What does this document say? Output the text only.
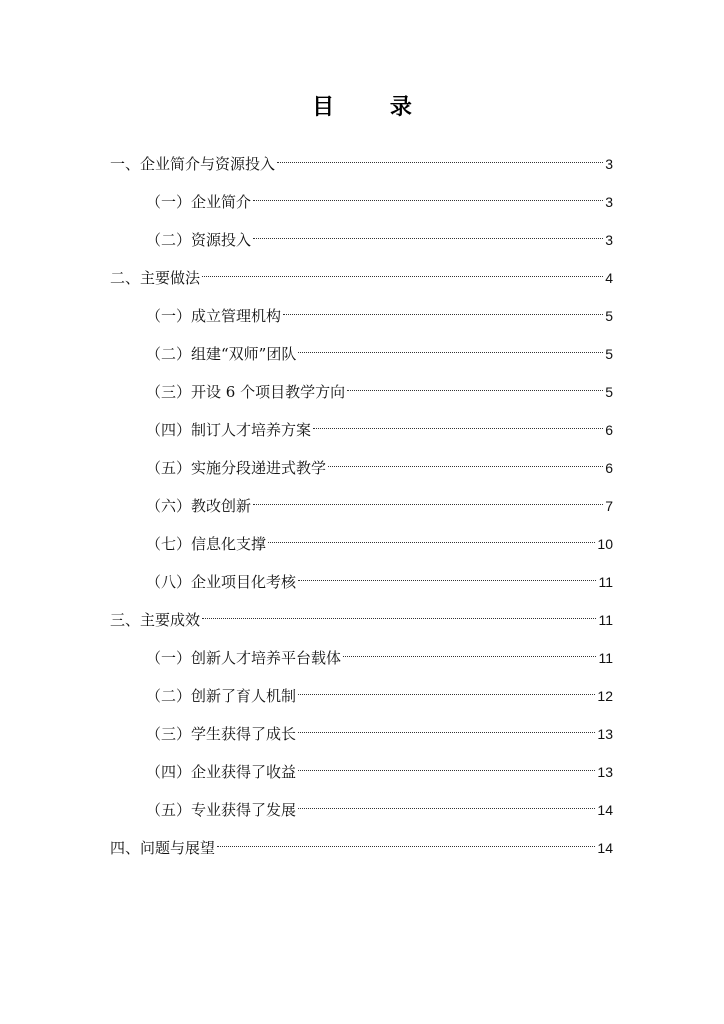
目 录
一、企业简介与资源投入	3
（一）企业简介	3
（二）资源投入	3
二、主要做法	4
（一）成立管理机构	5
（二）组建“双师”团队	5
（三）开设 6 个项目教学方向	5
（四）制订人才培养方案	6
（五）实施分段递进式教学	6
（六）教改创新	7
（七）信息化支撑	10
（八）企业项目化考核	11
三、主要成效	11
（一）创新人才培养平台载体	11
（二）创新了育人机制	12
（三）学生获得了成长	13
（四）企业获得了收益	13
（五）专业获得了发展	14
四、问题与展望	14
